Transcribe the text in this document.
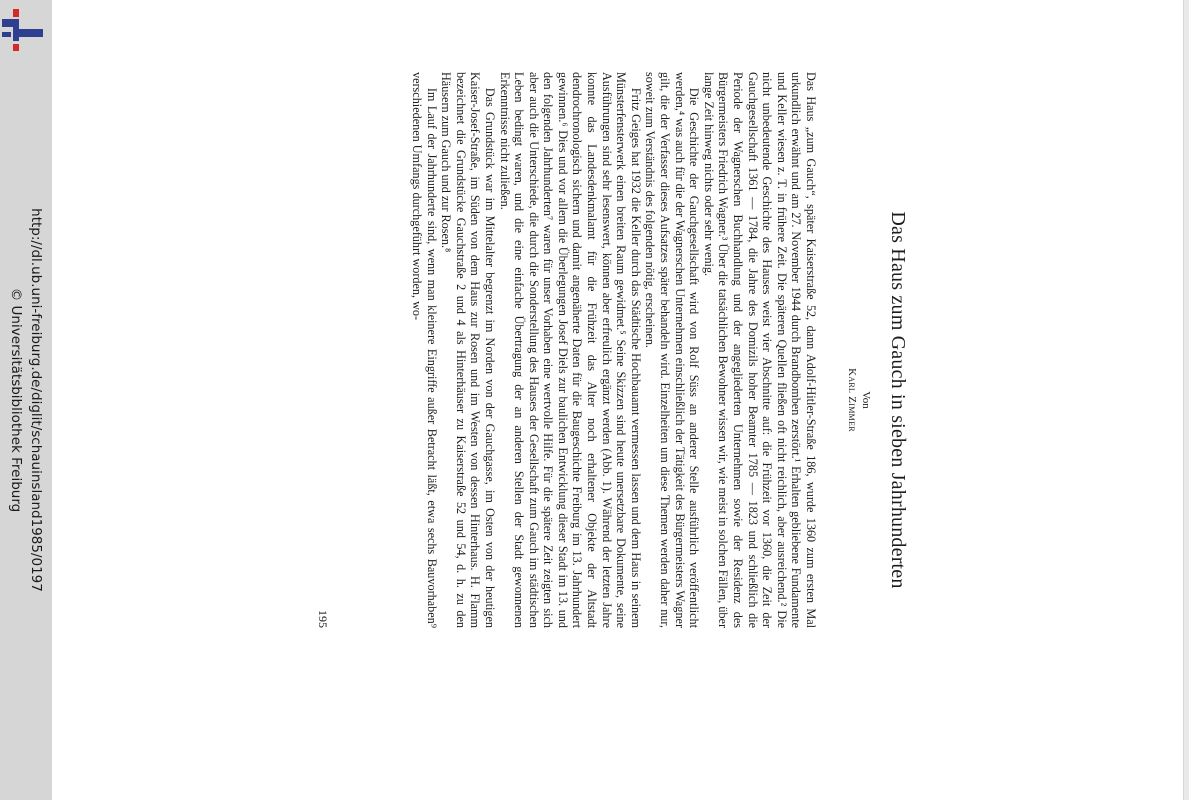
http://dl.ub.uni-freiburg.de/diglit/schauinsland1985/0197
© Universitätsbibliothek Freiburg	Das Haus zum Gauch in sieben Jahrhunderten
Von
Karl Zimmer

Das Haus „zum Gauch“, später Kaiserstraße 52, dann Adolf-Hitler-Straße 186, wurde 1360 zum ersten Mal urkundlich erwähnt und am 27. November 1944 durch Brandbomben zerstört.¹ Erhalten gebliebene Fundamente und Keller wiesen z. T. in frühere Zeit. Die späteren Quellen fließen oft nicht reichlich, aber ausreichend.² Die nicht unbedeutende Geschichte des Hauses weist vier Abschnitte auf: die Frühzeit vor 1360, die Zeit der Gauchgesellschaft 1361 — 1784, die Jahre des Domizils hoher Beamter 1785 — 1823 und schließlich die Periode der Wagnerschen Buchhandlung und der angegliederten Unternehmen sowie der Residenz des Bürgermeisters Friedrich Wagner.³ Über die tatsächlichen Bewohner wissen wir, wie meist in solchen Fällen, über lange Zeit hinweg nichts oder sehr wenig.

Die Geschichte der Gauchgesellschaft wird von Rolf Süss an anderer Stelle ausführlich veröffentlicht werden,⁴ was auch für die der Wagnerschen Unternehmen einschließlich der Tätigkeit des Bürgermeisters Wagner gilt, die der Verfasser dieses Aufsatzes später behandeln wird. Einzelheiten um diese Themen werden daher nur, soweit zum Verständnis des folgenden nötig, erscheinen.

Fritz Geiges hat 1932 die Keller durch das Städtische Hochbauamt vermessen lassen und dem Haus in seinem Münsterfensterwerk einen breiten Raum gewidmet.⁵ Seine Skizzen sind heute unersetzbare Dokumente, seine Ausführungen sind sehr lesenswert, können aber erfreulich ergänzt werden (Abb. 1). Während der letzten Jahre konnte das Landesdenkmalamt für die Frühzeit das Alter noch erhaltener Objekte der Altstadt dendrochronologisch sichern und damit angenäherte Daten für die Baugeschichte Freiburg im 13. Jahrhundert gewinnen.⁶ Dies und vor allem die Überlegungen Josef Diels zur baulichen Entwicklung dieser Stadt im 13. und den folgenden Jahrhunderten⁷ waren für unser Vorhaben eine wertvolle Hilfe. Für die spätere Zeit zeigten sich aber auch die Unterschiede, die durch die Sonderstellung des Hauses der Gesellschaft zum Gauch im städtischen Leben bedingt waren, und die eine einfache Übertragung der an anderen Stellen der Stadt gewonnenen Erkenntnisse nicht zuließen.

Das Grundstück war im Mittelalter begrenzt im Norden von der Gauchgasse, im Osten von der heutigen Kaiser-Josef-Straße, im Süden von dem Haus zur Rosen und im Westen von dessen Hinterhaus. H. Flamm bezeichnet die Grundstücke Gauchstraße 2 und 4 als Hinterhäuser zu Kaiserstraße 52 und 54, d. h. zu den Häusern zum Gauch und zur Rosen.⁸

Im Lauf der Jahrhunderte sind, wenn man kleinere Eingriffe außer Betracht läßt, etwa sechs Bauvorhaben⁹ verschiedenen Umfangs durchgeführt worden, wo-

195
